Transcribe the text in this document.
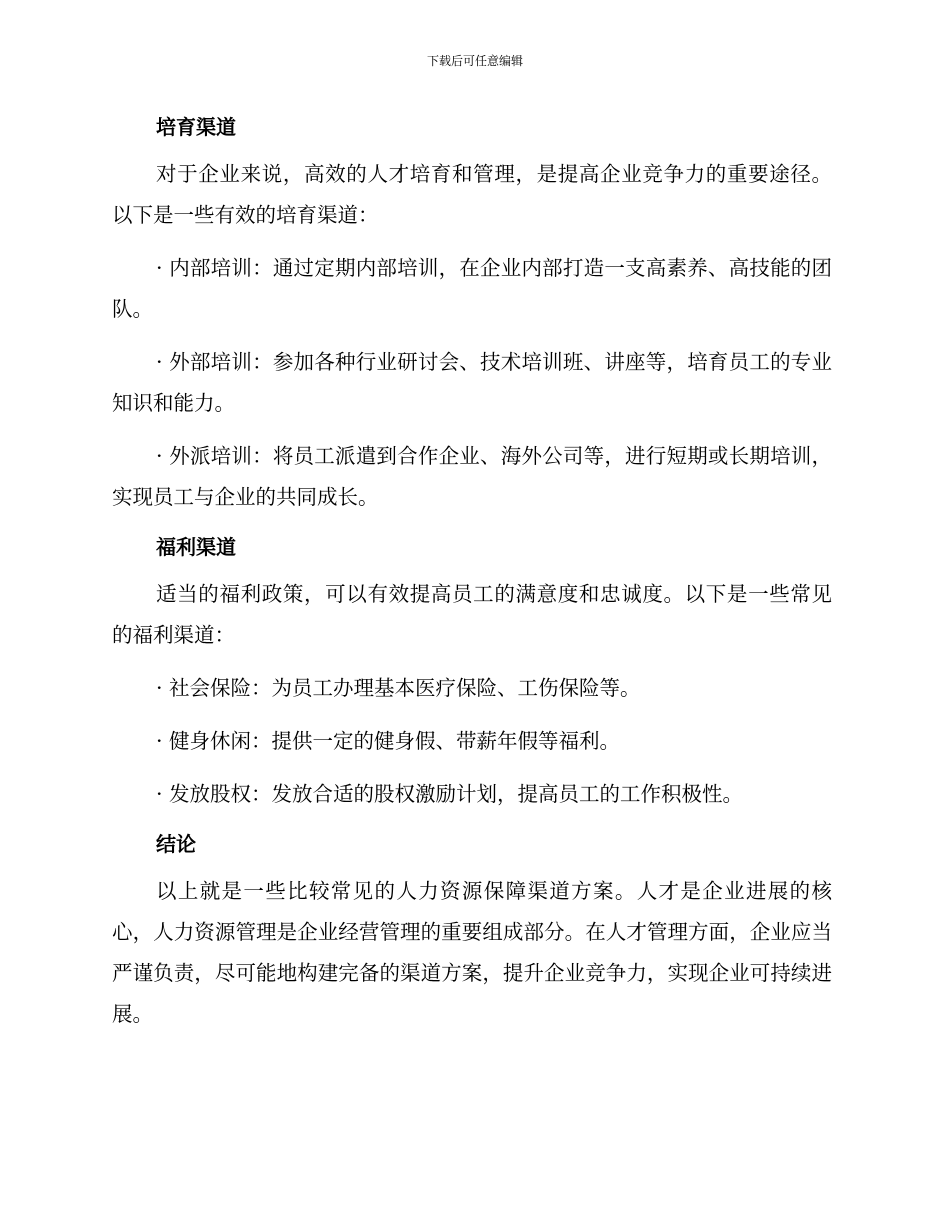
下载后可任意编辑
培育渠道

对于企业来说，高效的人才培育和管理，是提高企业竞争力的重要途径。以下是一些有效的培育渠道：

· 内部培训：通过定期内部培训，在企业内部打造一支高素养、高技能的团队。

· 外部培训：参加各种行业研讨会、技术培训班、讲座等，培育员工的专业知识和能力。

· 外派培训：将员工派遣到合作企业、海外公司等，进行短期或长期培训，实现员工与企业的共同成长。

福利渠道

适当的福利政策，可以有效提高员工的满意度和忠诚度。以下是一些常见的福利渠道：

· 社会保险：为员工办理基本医疗保险、工伤保险等。

· 健身休闲：提供一定的健身假、带薪年假等福利。

· 发放股权：发放合适的股权激励计划，提高员工的工作积极性。

结论

以上就是一些比较常见的人力资源保障渠道方案。人才是企业进展的核心，人力资源管理是企业经营管理的重要组成部分。在人才管理方面，企业应当严谨负责，尽可能地构建完备的渠道方案，提升企业竞争力，实现企业可持续进展。
